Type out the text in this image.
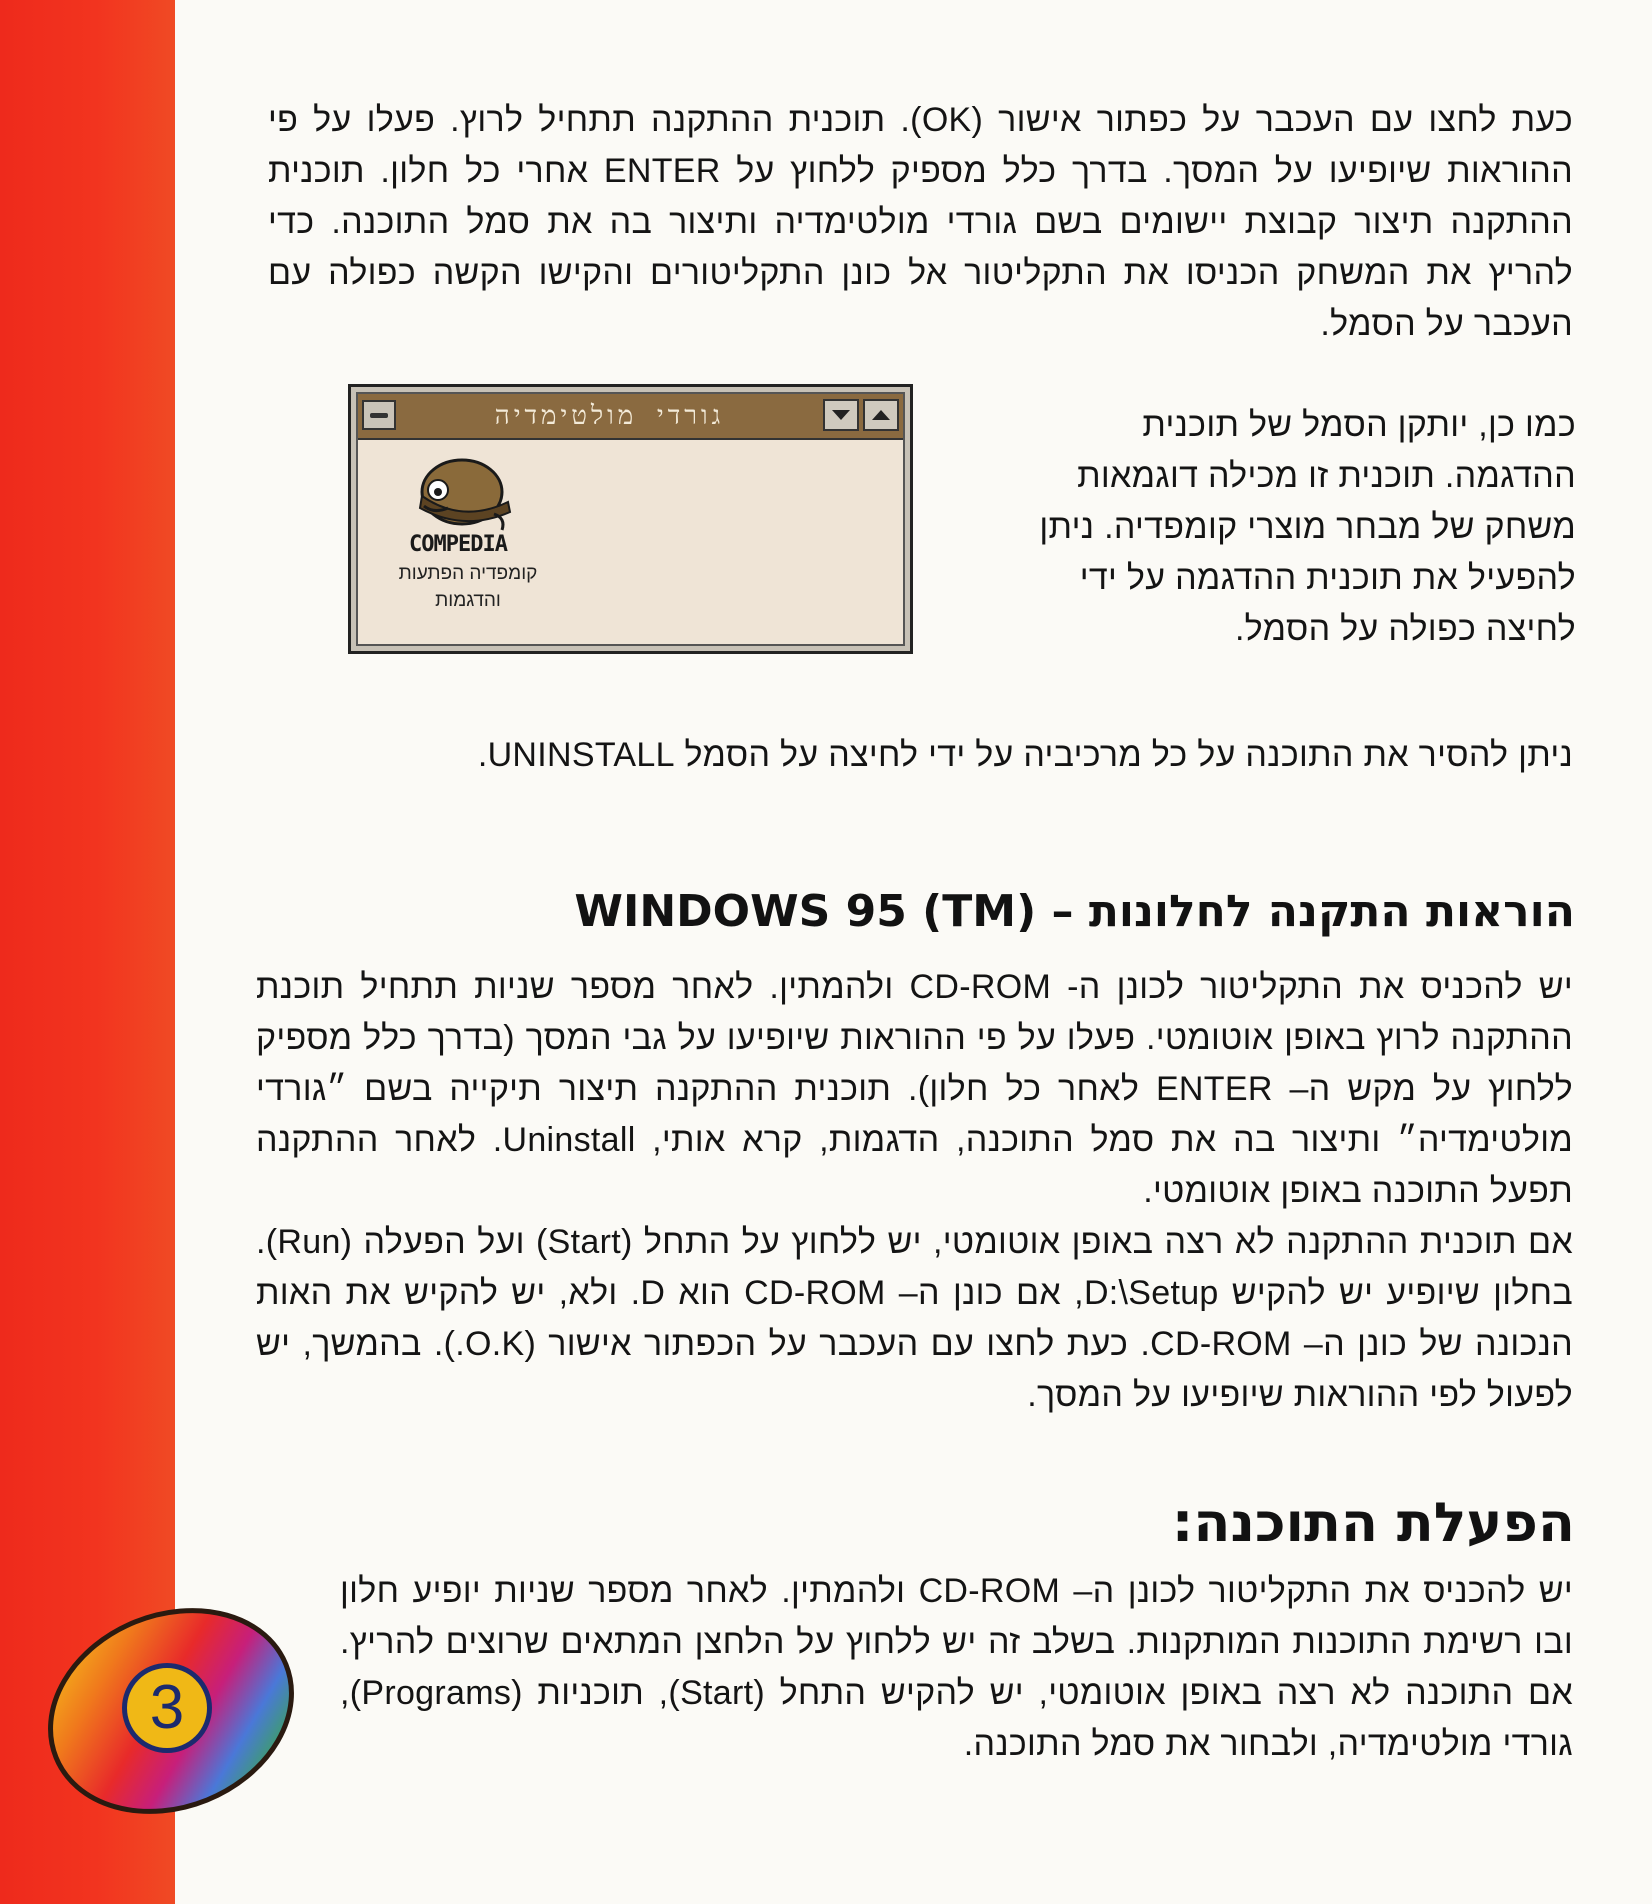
כעת לחצו עם העכבר על כפתור אישור (OK). תוכנית ההתקנה תתחיל לרוץ. פעלו על פי ההוראות שיופיעו על המסך. בדרך כלל מספיק ללחוץ על ENTER אחרי כל חלון. תוכנית ההתקנה תיצור קבוצת יישומים בשם גורדי מולטימדיה ותיצור בה את סמל התוכנה. כדי להריץ את המשחק הכניסו את התקליטור אל כונן התקליטורים והקישו הקשה כפולה עם העכבר על הסמל.

גורדי מולטימדיה
COMPEDIA
קומפדיה הפתעות
והדגמות

כמו כן, יותקן הסמל של תוכנית ההדגמה. תוכנית זו מכילה דוגמאות משחק של מבחר מוצרי קומפדיה. ניתן להפעיל את תוכנית ההדגמה על ידי לחיצה כפולה על הסמל.

ניתן להסיר את התוכנה על כל מרכיביה על ידי לחיצה על הסמל UNINSTALL.

הוראות התקנה לחלונות – WINDOWS 95 (TM)

יש להכניס את התקליטור לכונן ה- CD-ROM ולהמתין. לאחר מספר שניות תתחיל תוכנת ההתקנה לרוץ באופן אוטומטי. פעלו על פי ההוראות שיופיעו על גבי המסך (בדרך כלל מספיק ללחוץ על מקש ה– ENTER לאחר כל חלון). תוכנית ההתקנה תיצור תיקייה בשם ״גורדי מולטימדיה״ ותיצור בה את סמל התוכנה, הדגמות, קרא אותי, Uninstall. לאחר ההתקנה תפעל התוכנה באופן אוטומטי.

אם תוכנית ההתקנה לא רצה באופן אוטומטי, יש ללחוץ על התחל (Start) ועל הפעלה (Run). בחלון שיופיע יש להקיש D:\Setup, אם כונן ה– CD-ROM הוא D. ולא, יש להקיש את האות הנכונה של כונן ה– CD-ROM. כעת לחצו עם העכבר על הכפתור אישור (O.K.). בהמשך, יש לפעול לפי ההוראות שיופיעו על המסך.

הפעלת התוכנה:

יש להכניס את התקליטור לכונן ה– CD-ROM ולהמתין. לאחר מספר שניות יופיע חלון ובו רשימת התוכנות המותקנות. בשלב זה יש ללחוץ על הלחצן המתאים שרוצים להריץ. אם התוכנה לא רצה באופן אוטומטי, יש להקיש התחל (Start), תוכניות (Programs), גורדי מולטימדיה, ולבחור את סמל התוכנה.

3
